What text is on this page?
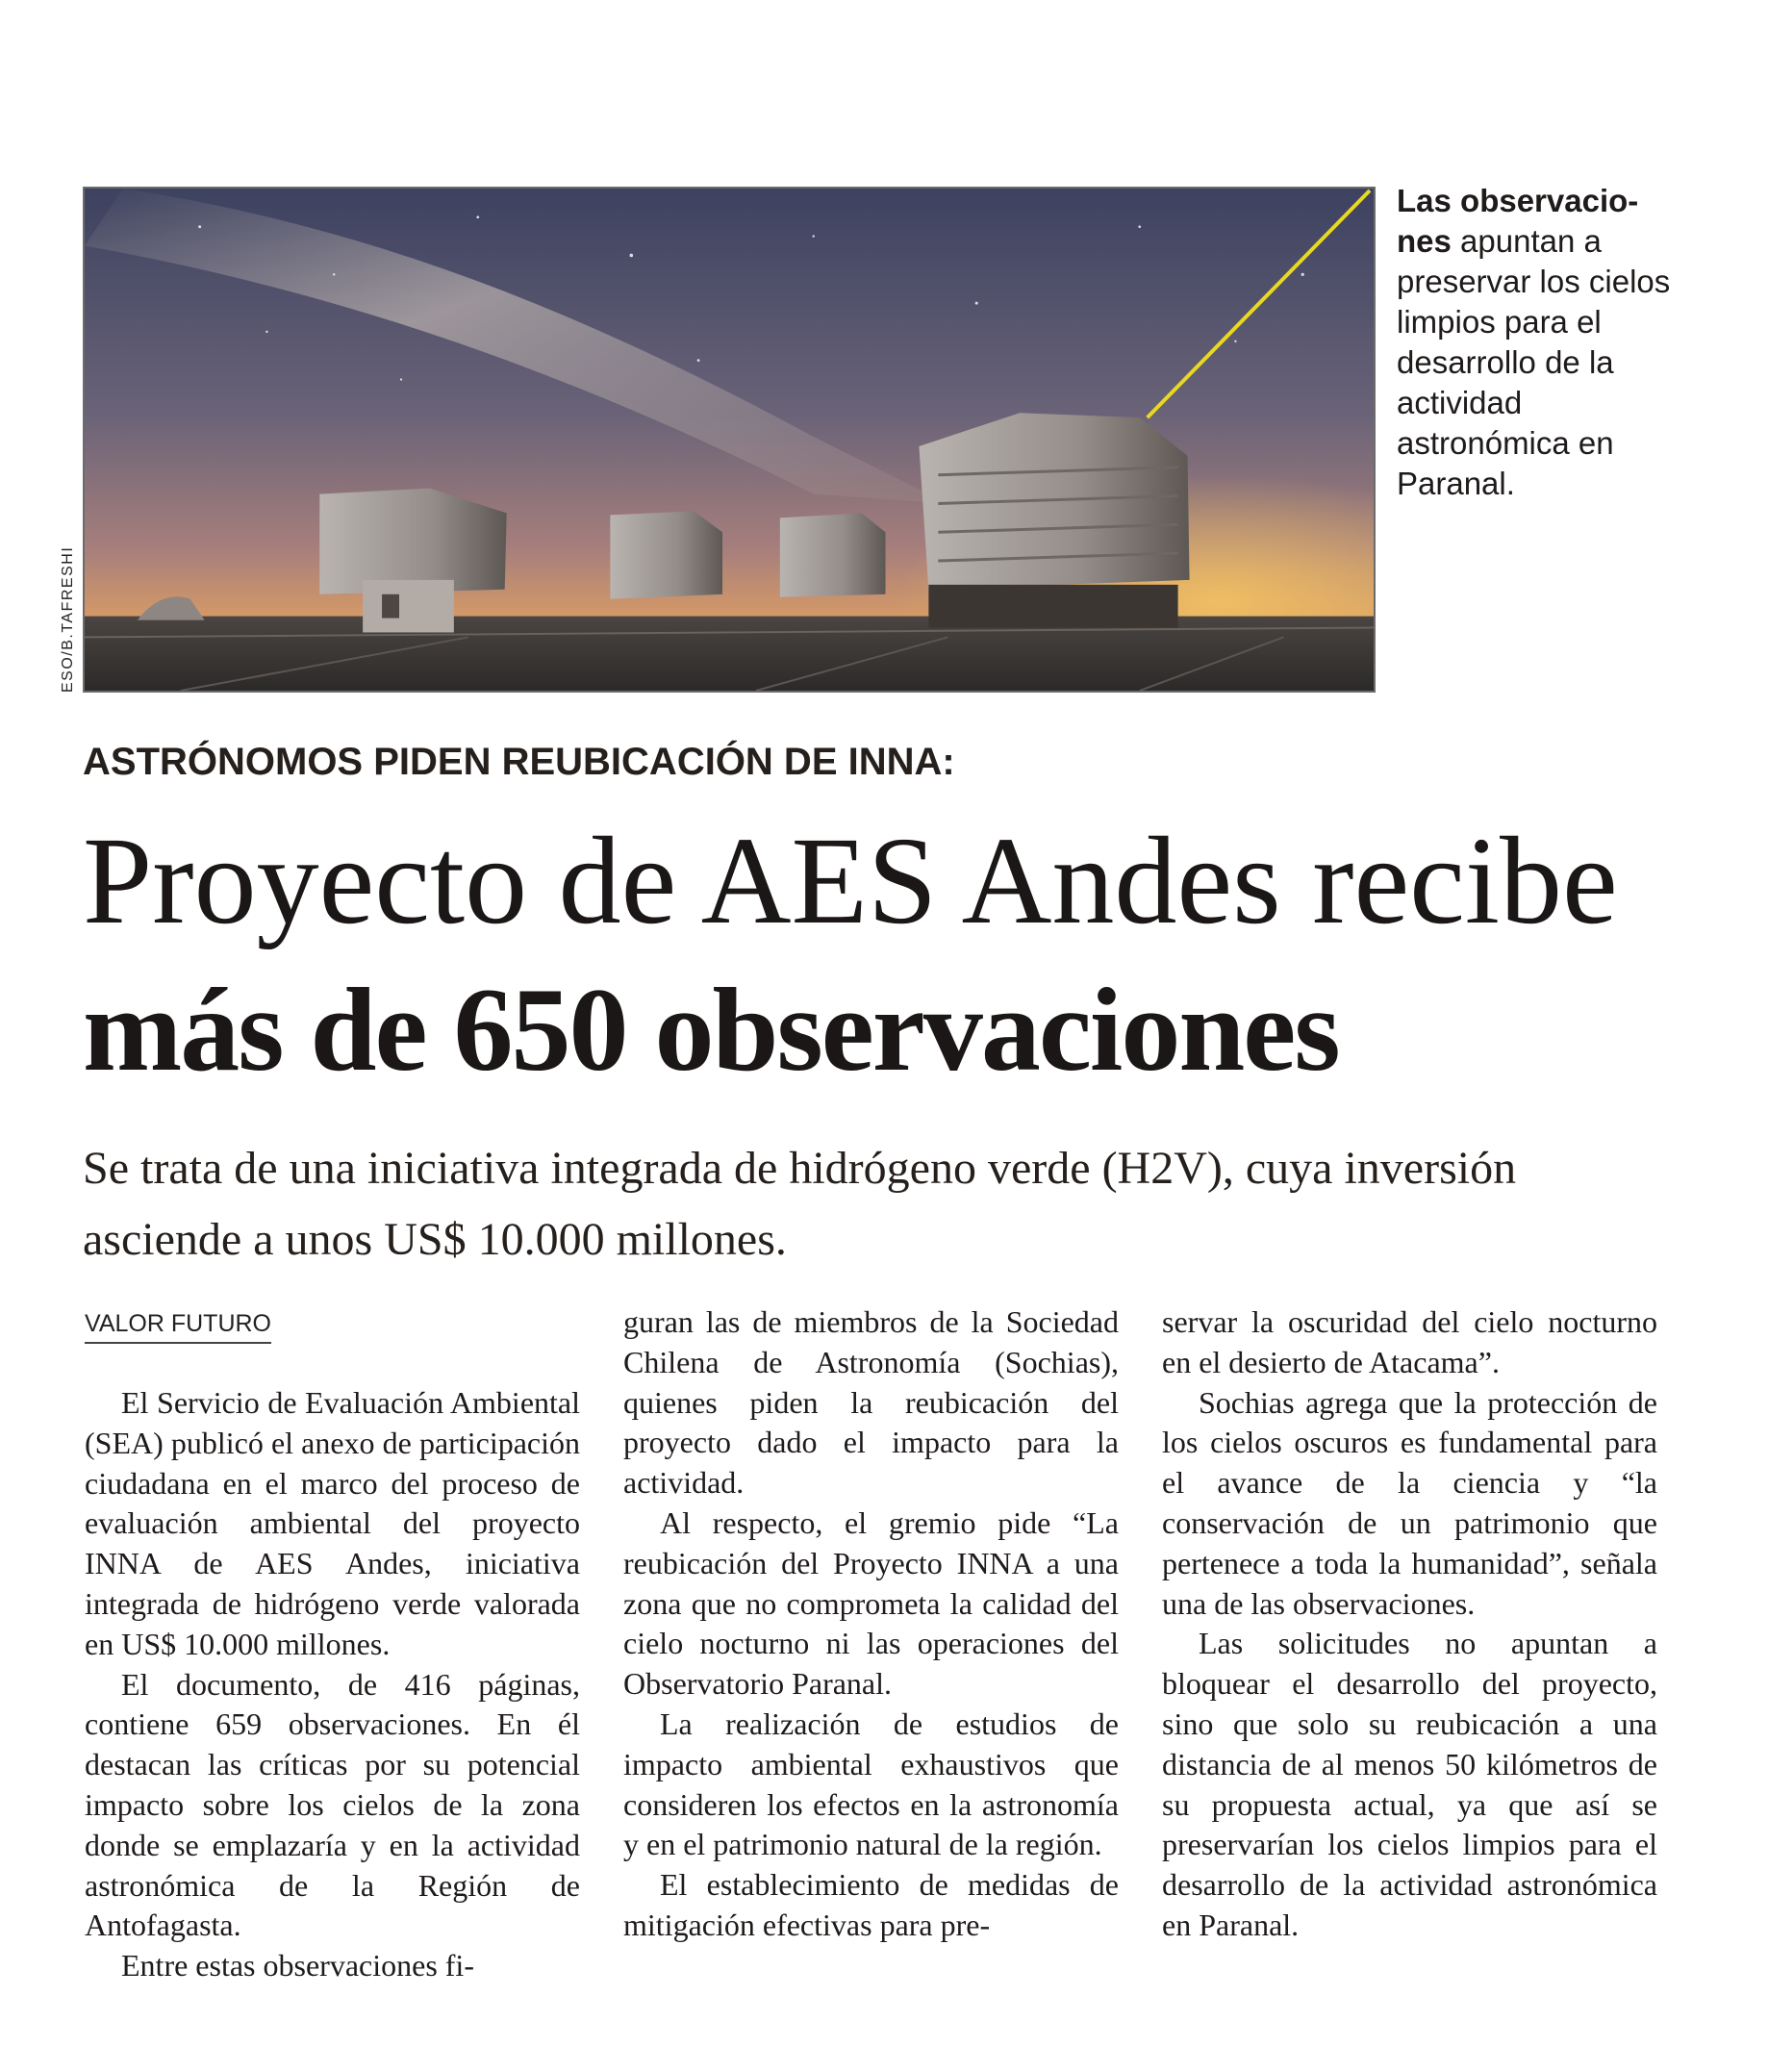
ESO/B.TAFRESHI
Las observacio-nes apuntan a preservar los cielos limpios para el desarrollo de la actividad astronómica en Paranal.
ASTRÓNOMOS PIDEN REUBICACIÓN DE INNA:
Proyecto de AES Andes recibe
más de 650 observaciones
Se trata de una iniciativa integrada de hidrógeno verde (H2V), cuya inversión asciende a unos US$ 10.000 millones.
VALOR FUTURO

El Servicio de Evaluación Ambiental (SEA) publicó el anexo de participación ciudadana en el marco del proceso de evaluación ambiental del proyecto INNA de AES Andes, iniciativa integrada de hidrógeno verde valorada en US$ 10.000 millones.

El documento, de 416 páginas, contiene 659 observaciones. En él destacan las críticas por su potencial impacto sobre los cielos de la zona donde se emplazaría y en la actividad astronómica de la Región de Antofagasta.

Entre estas observaciones fi-

guran las de miembros de la Sociedad Chilena de Astronomía (Sochias), quienes piden la reubicación del proyecto dado el impacto para la actividad.

Al respecto, el gremio pide “La reubicación del Proyecto INNA a una zona que no comprometa la calidad del cielo nocturno ni las operaciones del Observatorio Paranal.

La realización de estudios de impacto ambiental exhaustivos que consideren los efectos en la astronomía y en el patrimonio natural de la región.

El establecimiento de medidas de mitigación efectivas para pre-

servar la oscuridad del cielo nocturno en el desierto de Atacama”.

Sochias agrega que la protección de los cielos oscuros es fundamental para el avance de la ciencia y “la conservación de un patrimonio que pertenece a toda la humanidad”, señala una de las observaciones.

Las solicitudes no apuntan a bloquear el desarrollo del proyecto, sino que solo su reubicación a una distancia de al menos 50 kilómetros de su propuesta actual, ya que así se preservarían los cielos limpios para el desarrollo de la actividad astronómica en Paranal.
